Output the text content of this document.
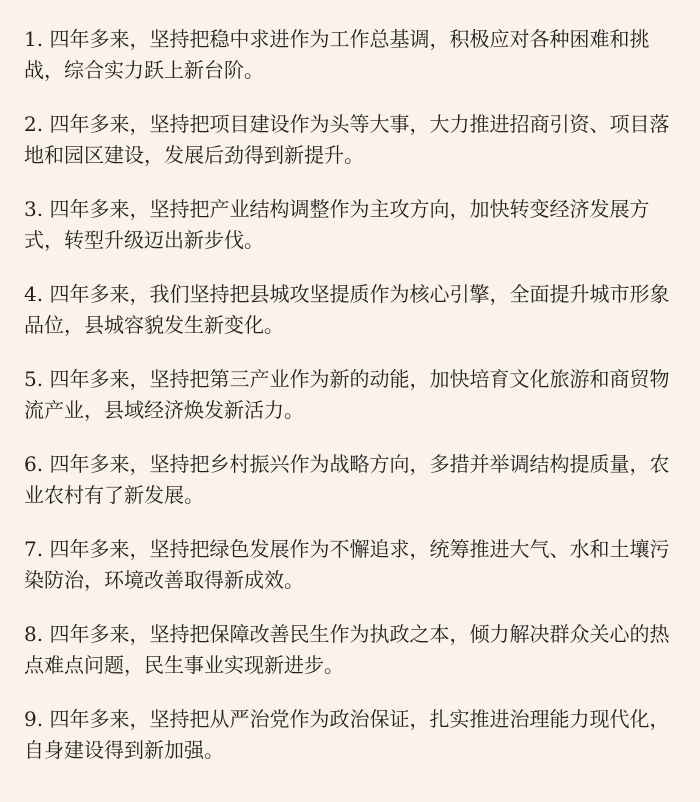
1. 四年多来，坚持把稳中求进作为工作总基调，积极应对各种困难和挑战，综合实力跃上新台阶。

2. 四年多来，坚持把项目建设作为头等大事，大力推进招商引资、项目落地和园区建设，发展后劲得到新提升。

3. 四年多来，坚持把产业结构调整作为主攻方向，加快转变经济发展方式，转型升级迈出新步伐。

4. 四年多来，我们坚持把县城攻坚提质作为核心引擎，全面提升城市形象品位，县城容貌发生新变化。

5. 四年多来，坚持把第三产业作为新的动能，加快培育文化旅游和商贸物流产业，县域经济焕发新活力。

6. 四年多来，坚持把乡村振兴作为战略方向，多措并举调结构提质量，农业农村有了新发展。

7. 四年多来，坚持把绿色发展作为不懈追求，统筹推进大气、水和土壤污染防治，环境改善取得新成效。

8. 四年多来，坚持把保障改善民生作为执政之本，倾力解决群众关心的热点难点问题，民生事业实现新进步。

9. 四年多来，坚持把从严治党作为政治保证，扎实推进治理能力现代化，自身建设得到新加强。
